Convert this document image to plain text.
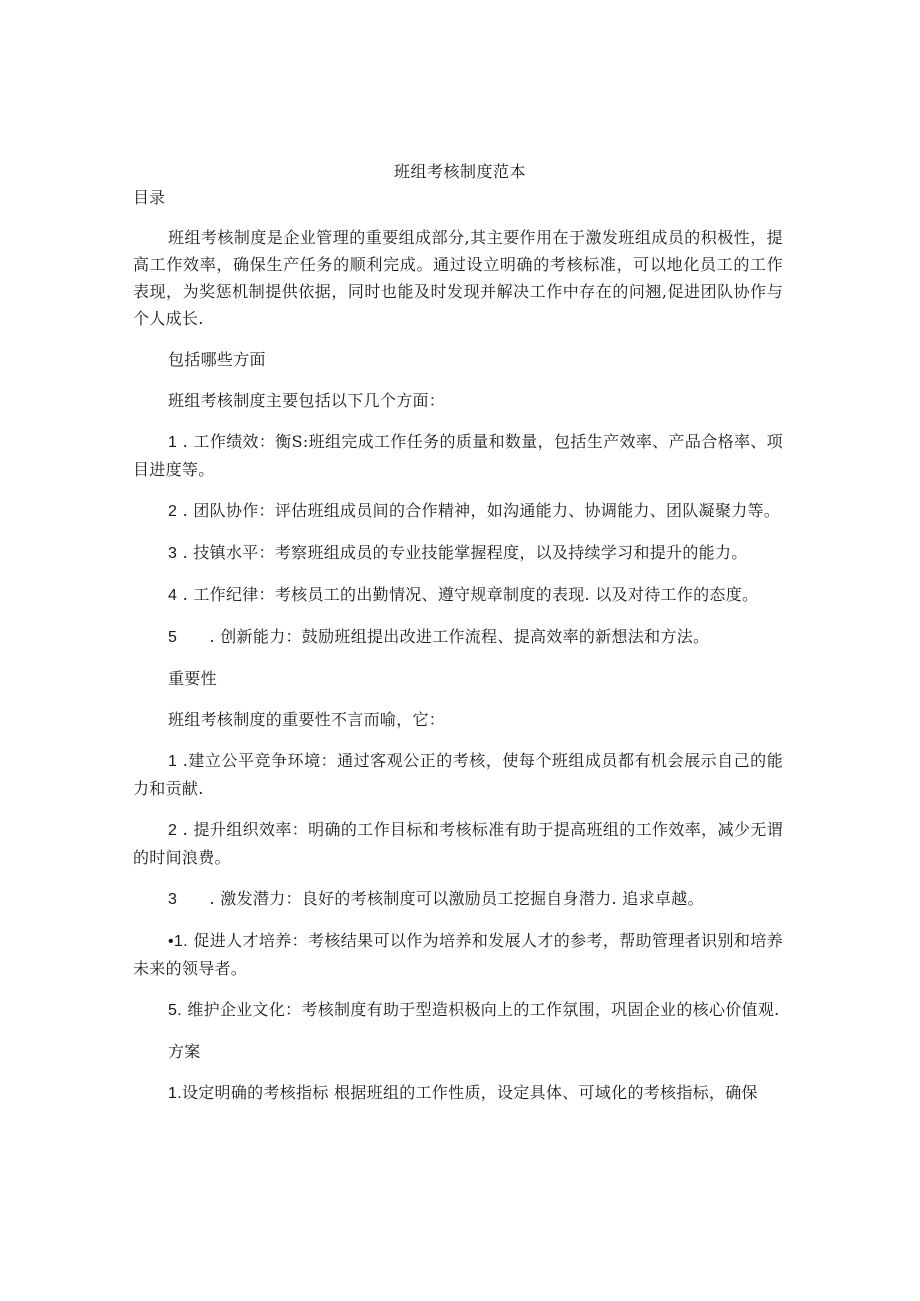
班组考核制度范本
目录

班组考核制度是企业管理的重要组成部分,其主要作用在于激发班组成员的积极性，提高工作效率，确保生产任务的顺利完成。通过设立明确的考核标准，可以地化员工的工作表现，为奖惩机制提供依据，同时也能及时发现并解决工作中存在的问翘,促进团队协作与个人成长.

包括哪些方面

班组考核制度主要包括以下几个方面：

1 . 工作绩效：衡S:班组完成工作任务的质量和数量，包括生产效率、产品合格率、项目进度等。

2 . 团队协作：评估班组成员间的合作精神，如沟通能力、协调能力、团队凝聚力等。

3 . 技镇水平：考察班组成员的专业技能掌握程度，以及持续学习和提升的能力。

4 . 工作纪律：考核员工的出勤情况、遵守规章制度的表现. 以及对待工作的态度。

5      . 创新能力：鼓励班组提出改进工作流程、提高效率的新想法和方法。

重要性

班组考核制度的重要性不言而喻，它：

1 .建立公平竞争环境：通过客观公正的考核，使每个班组成员都有机会展示自己的能力和贡献.

2 . 提升组织效率：明确的工作目标和考核标准有助于提高班组的工作效率，减少无谓的时间浪费。

3      . 激发潜力：良好的考核制度可以激励员工挖掘自身潜力. 追求卓越。

•1. 促进人才培养：考核结果可以作为培养和发展人才的参考，帮助管理者识别和培养未来的领导者。

5. 维护企业文化：考核制度有助于型造枳极向上的工作氛围，巩固企业的核心价值观.

方案

1.设定明确的考核指标 根据班组的工作性质，设定具体、可域化的考核指标，确保
